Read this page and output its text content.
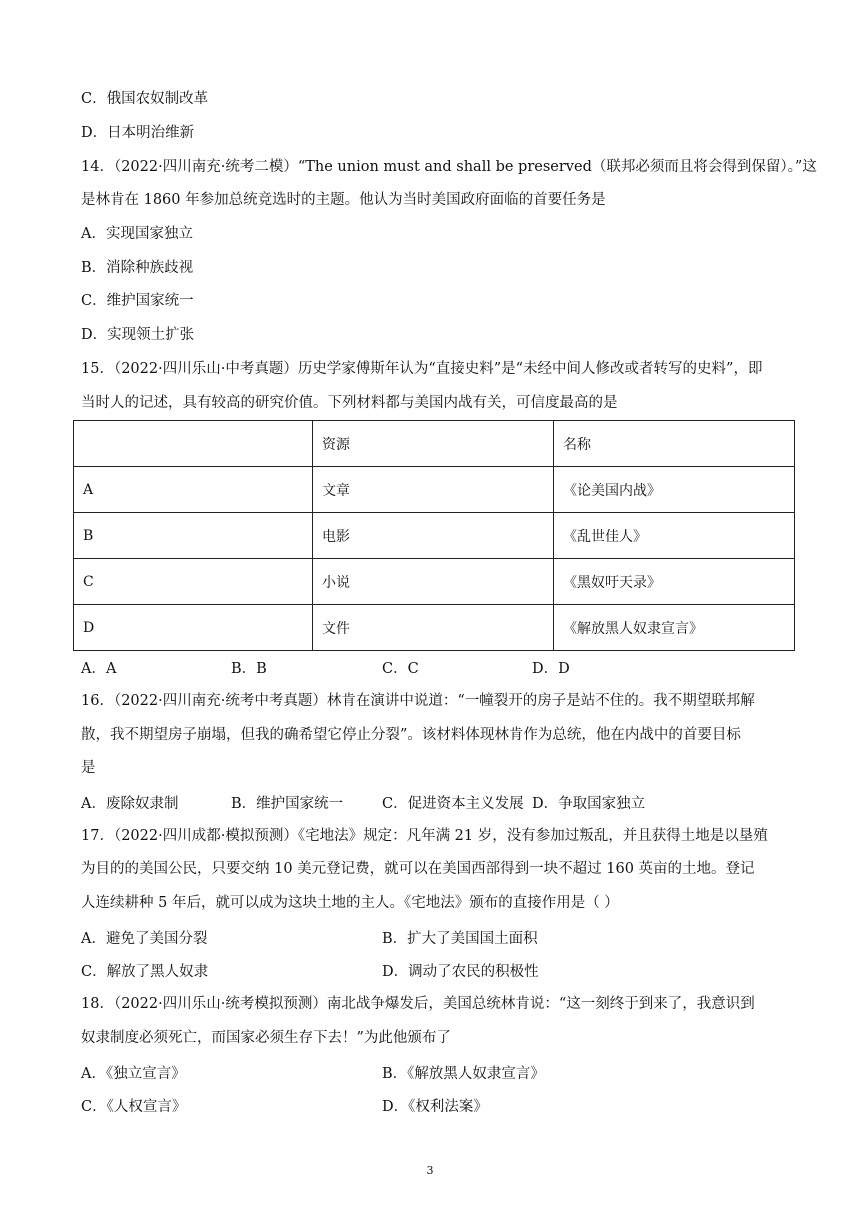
C．俄国农奴制改革
D．日本明治维新
14．（2022·四川南充·统考二模）“The union must and shall be preserved（联邦必须而且将会得到保留）。”这
是林肯在 1860 年参加总统竞选时的主题。他认为当时美国政府面临的首要任务是
A．实现国家独立
B．消除种族歧视
C．维护国家统一
D．实现领土扩张
15．（2022·四川乐山·中考真题）历史学家傅斯年认为“直接史料”是“未经中间人修改或者转写的史料”，即
当时人的记述，具有较高的研究价值。下列材料都与美国内战有关，可信度最高的是
	资源	名称
A	文章	《论美国内战》
B	电影	《乱世佳人》
C	小说	《黑奴吁天录》
D	文件	《解放黑人奴隶宣言》
A．A	B．B	C．C	D．D
16．（2022·四川南充·统考中考真题）林肯在演讲中说道：“一幢裂开的房子是站不住的。我不期望联邦解
散，我不期望房子崩塌，但我的确希望它停止分裂”。该材料体现林肯作为总统，他在内战中的首要目标
是
A．废除奴隶制	B．维护国家统一	C．促进资本主义发展 D．争取国家独立
17．（2022·四川成都·模拟预测）《宅地法》规定：凡年满 21 岁，没有参加过叛乱，并且获得土地是以垦殖
为目的的美国公民，只要交纳 10 美元登记费，就可以在美国西部得到一块不超过 160 英亩的土地。登记
人连续耕种 5 年后，就可以成为这块土地的主人。《宅地法》颁布的直接作用是（ ）
A．避免了美国分裂	B．扩大了美国国土面积
C．解放了黑人奴隶	D．调动了农民的积极性
18．（2022·四川乐山·统考模拟预测）南北战争爆发后，美国总统林肯说：“这一刻终于到来了，我意识到
奴隶制度必须死亡，而国家必须生存下去！”为此他颁布了
A．《独立宣言》	B．《解放黑人奴隶宣言》
C．《人权宣言》	D．《权利法案》
3
